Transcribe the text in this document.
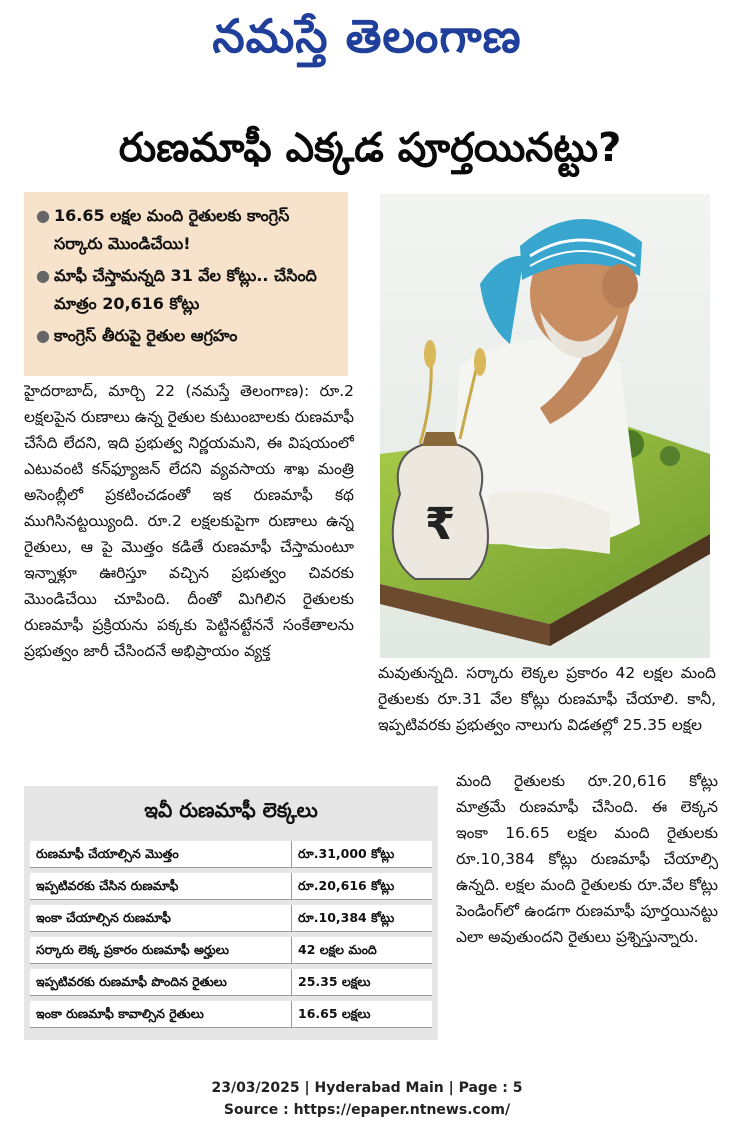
నమస్తే తెలంగాణ
రుణమాఫీ ఎక్కడ పూర్తయినట్టు?
● 16.65 లక్షల మంది రైతులకు కాంగ్రెస్ సర్కారు మొండిచేయి!
● మాఫీ చేస్తామన్నది 31 వేల కోట్లు.. చేసింది మాత్రం 20,616 కోట్లు
● కాంగ్రెస్ తీరుపై రైతుల ఆగ్రహం

హైదరాబాద్, మార్చి 22 (నమస్తే తెలంగాణ): రూ.2 లక్షలపైన రుణాలు ఉన్న రైతుల కుటుంబాలకు రుణమాఫీ చేసేది లేదని, ఇది ప్రభుత్వ నిర్ణయమని, ఈ విషయంలో ఎటువంటి కన్‌ఫ్యూజన్ లేదని వ్యవసాయ శాఖ మంత్రి అసెంబ్లీలో ప్రకటించడంతో ఇక రుణమాఫీ కథ ముగిసినట్టయ్యింది. రూ.2 లక్షలకుపైగా రుణాలు ఉన్న రైతులు, ఆ పై మొత్తం కడితే రుణమాఫీ చేస్తామంటూ ఇన్నాళ్లూ ఊరిస్తూ వచ్చిన ప్రభుత్వం చివరకు మొండిచేయి చూపింది. దీంతో మిగిలిన రైతులకు రుణమాఫీ ప్రక్రియను పక్కకు పెట్టినట్టేననే సంకేతాలను ప్రభుత్వం జారీ చేసిందనే అభిప్రాయం వ్యక్త

మవుతున్నది. సర్కారు లెక్కల ప్రకారం 42 లక్షల మంది రైతులకు రూ.31 వేల కోట్లు రుణమాఫీ చేయాలి. కానీ, ఇప్పటివరకు ప్రభుత్వం నాలుగు విడతల్లో 25.35 లక్షల

మంది రైతులకు రూ.20,616 కోట్లు మాత్రమే రుణమాఫీ చేసింది. ఈ లెక్కన ఇంకా 16.65 లక్షల మంది రైతులకు రూ.10,384 కోట్లు రుణమాఫీ చేయాల్సి ఉన్నది. లక్షల మంది రైతులకు రూ.వేల కోట్లు పెండింగ్‌లో ఉండగా రుణమాఫీ పూర్తయినట్టు ఎలా అవుతుందని రైతులు ప్రశ్నిస్తున్నారు.

₹
ఇవీ రుణమాఫీ లెక్కలు
రుణమాఫీ చేయాల్సిన మొత్తం	రూ.31,000 కోట్లు
ఇప్పటివరకు చేసిన రుణమాఫీ	రూ.20,616 కోట్లు
ఇంకా చేయాల్సిన రుణమాఫీ	రూ.10,384 కోట్లు
సర్కారు లెక్క ప్రకారం రుణమాఫీ అర్హులు	42 లక్షల మంది
ఇప్పటివరకు రుణమాఫీ పొందిన రైతులు	25.35 లక్షలు
ఇంకా రుణమాఫీ కావాల్సిన రైతులు	16.65 లక్షలు
23/03/2025 | Hyderabad Main | Page : 5
Source : https://epaper.ntnews.com/
